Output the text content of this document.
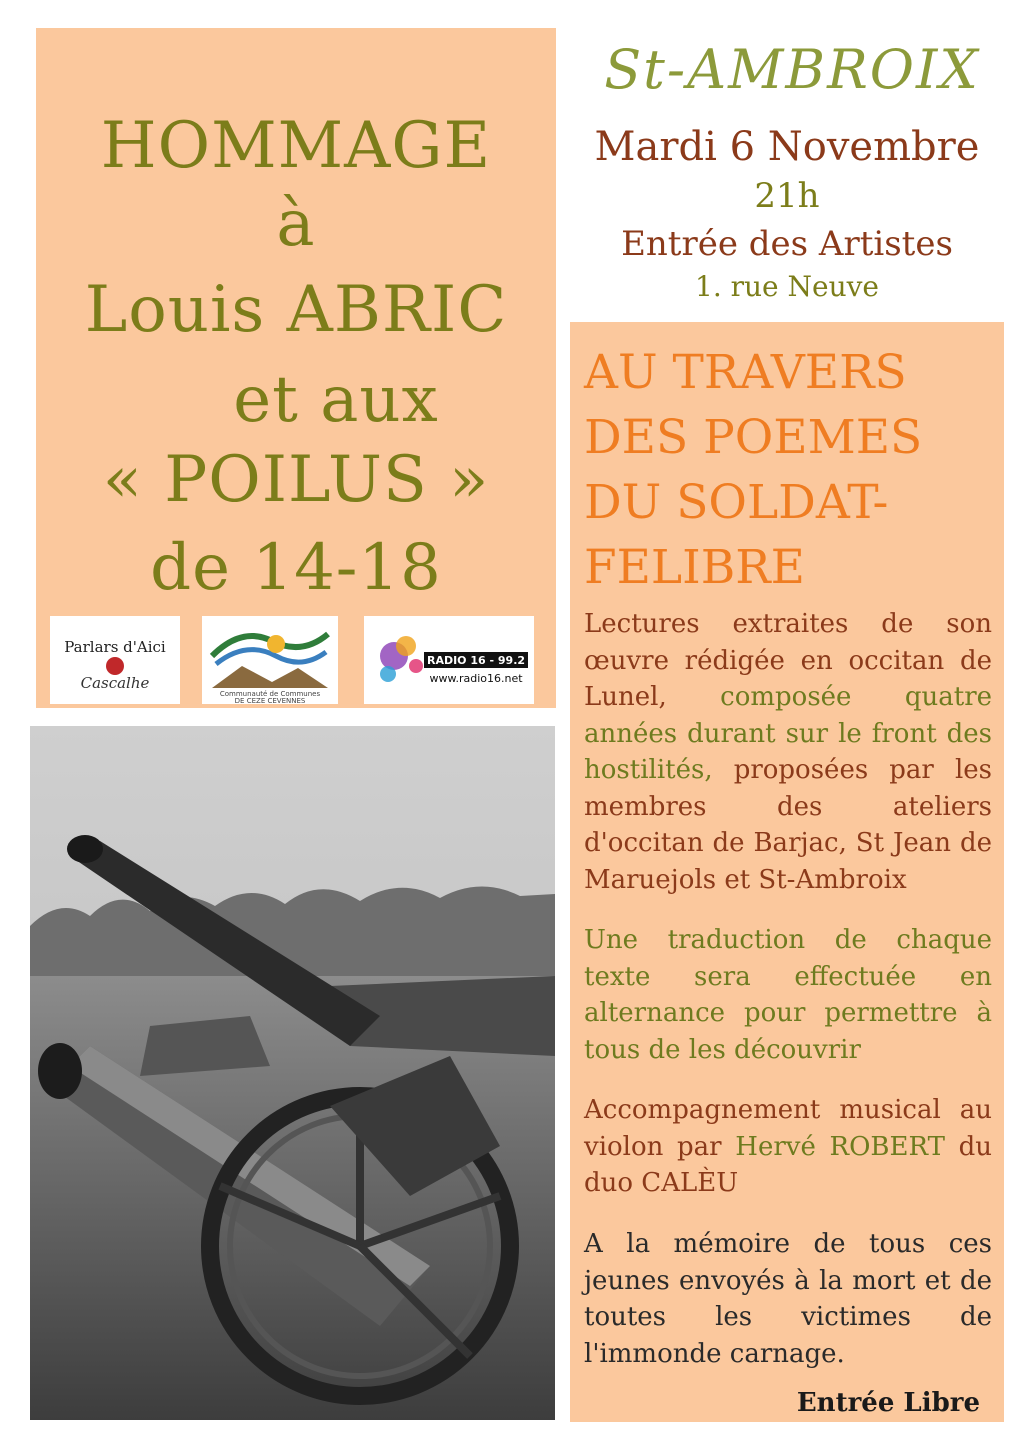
HOMMAGE
à
Louis ABRIC
et aux
« POILUS »
de 14-18
Parlars d'Aici
Cascalhe
Communauté de Communes
DE CEZE CEVENNES
RADIO 16 - 99.2
www.radio16.net
St-AMBROIX
Mardi 6 Novembre
21h
Entrée des Artistes
1. rue Neuve
AU TRAVERS
DES POEMES
DU SOLDAT-
FELIBRE
Lectures extraites de son œuvre rédigée en occitan de Lunel, composée quatre années durant sur le front des hostilités, proposées par les membres des ateliers d'occitan de Barjac, St Jean de Maruejols et St-Ambroix
Une traduction de chaque texte sera effectuée en alternance pour permettre à tous de les découvrir
Accompagnement musical au violon par Hervé ROBERT du duo CALÈU
A la mémoire de tous ces jeunes envoyés à la mort et de toutes les victimes de l'immonde carnage.
Entrée Libre
